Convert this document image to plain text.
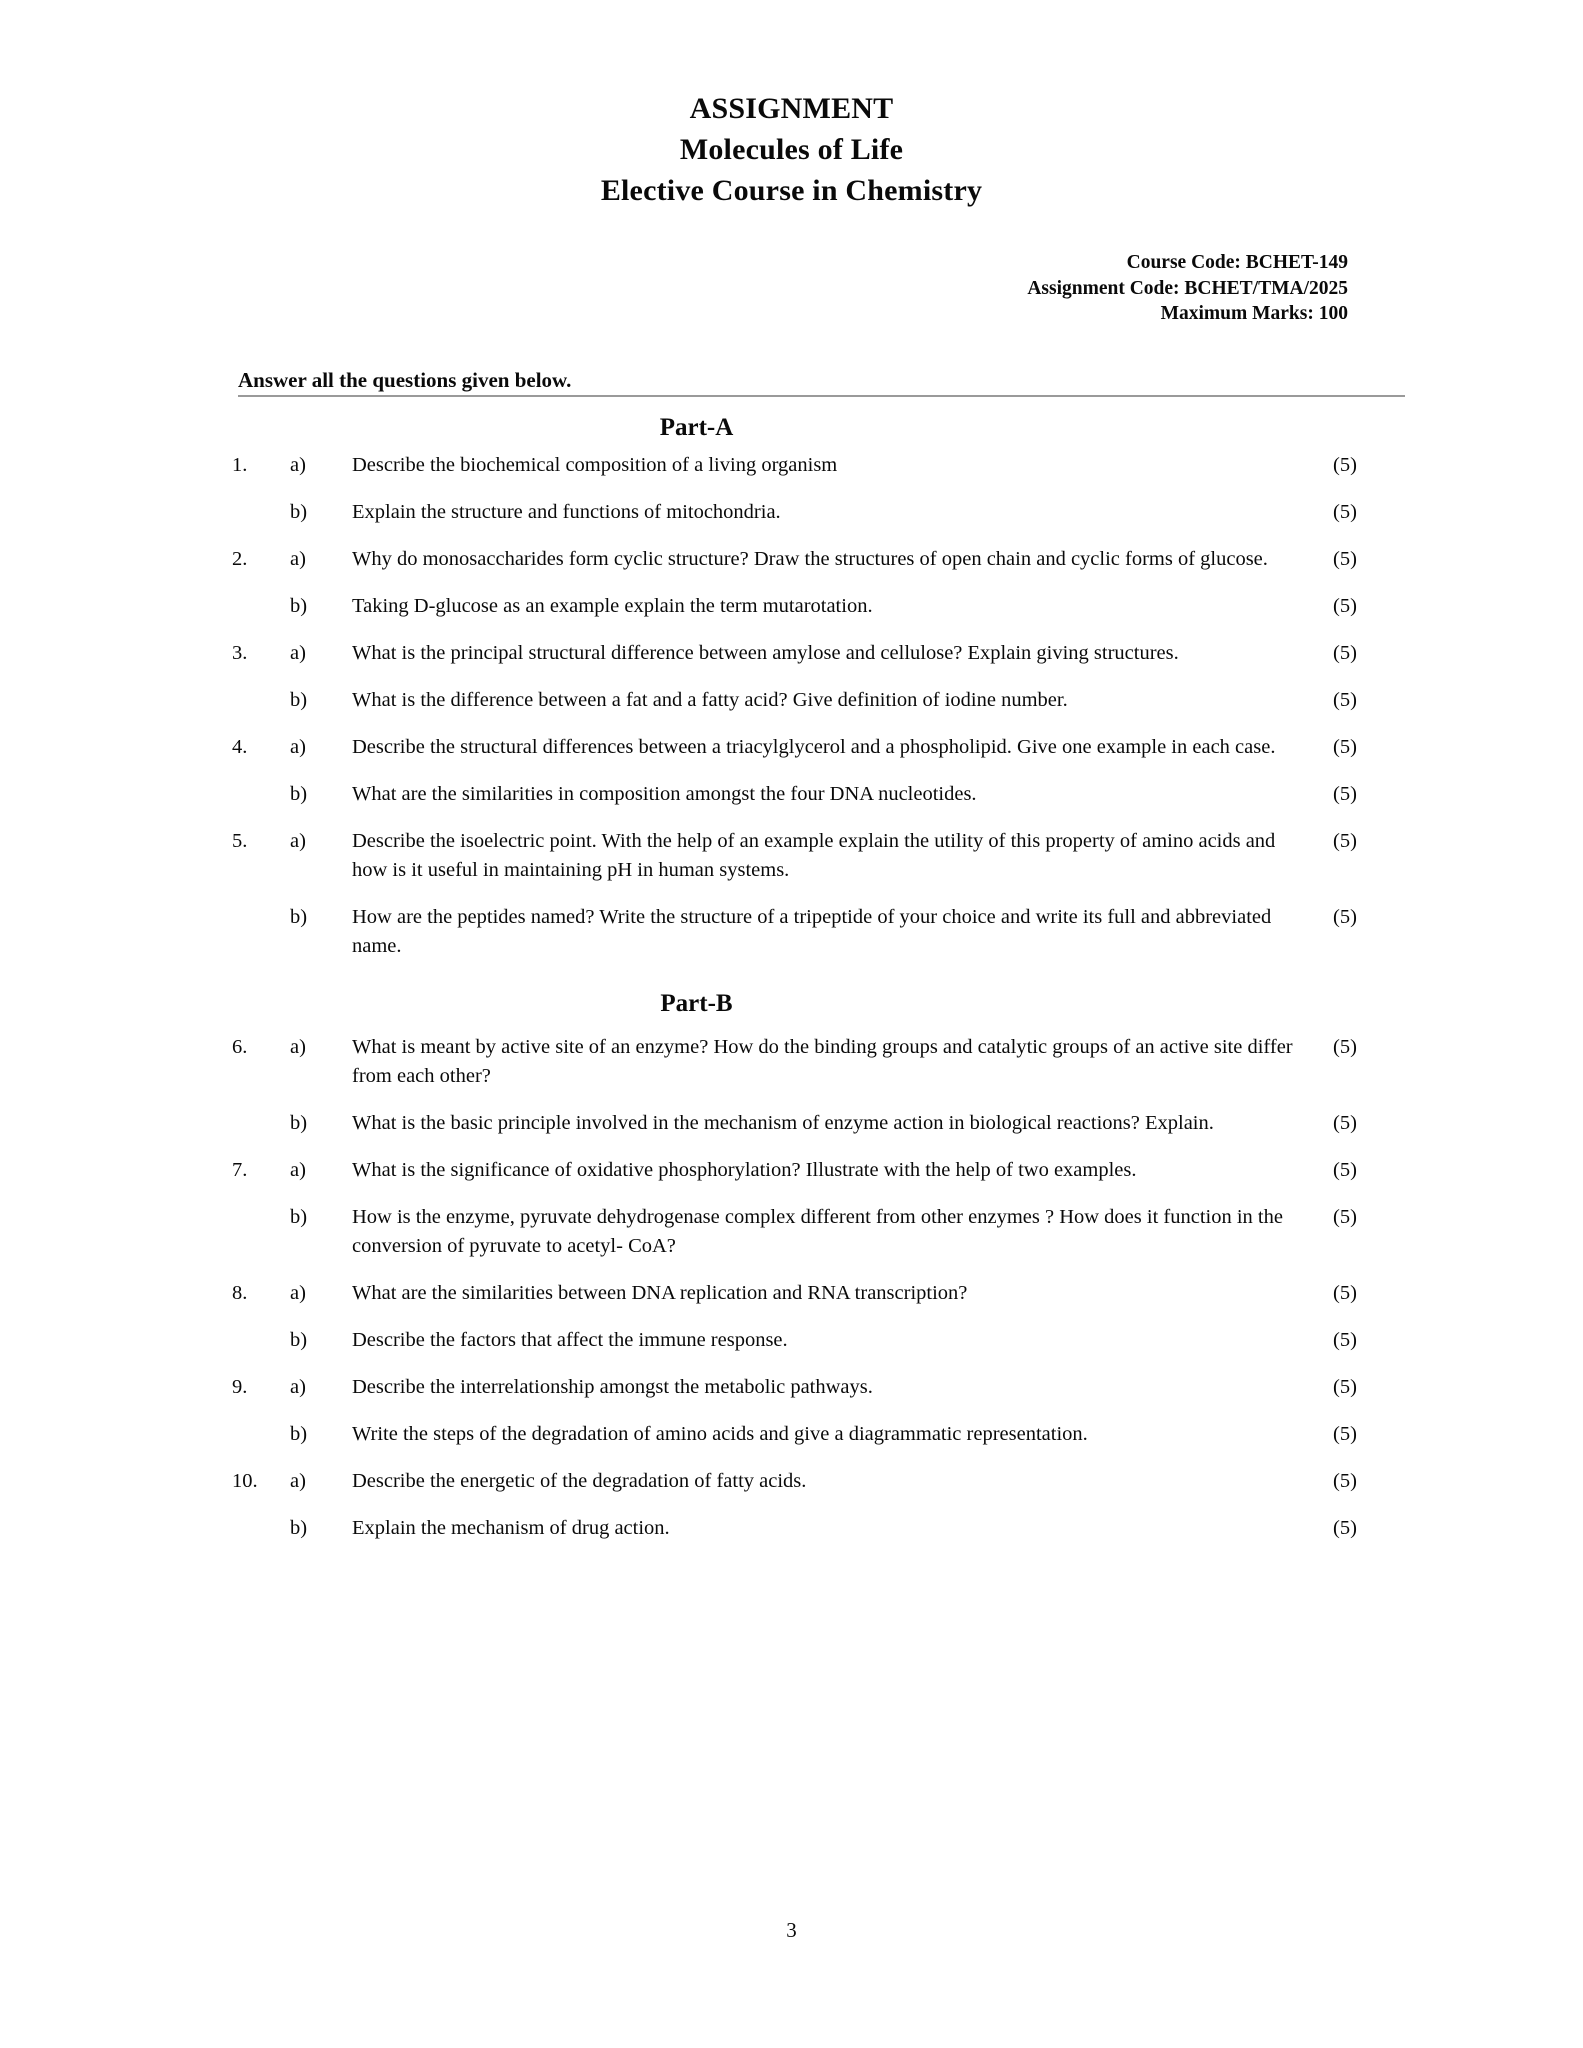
ASSIGNMENT
Molecules of Life
Elective Course in Chemistry
Course Code: BCHET-149
Assignment Code: BCHET/TMA/2025
Maximum Marks: 100
Answer all the questions given below.
Part-A
1.	a)	Describe the biochemical composition of a living organism	(5)
b)	Explain the structure and functions of mitochondria.	(5)
2.	a)	Why do monosaccharides form cyclic structure? Draw the structures of open chain and cyclic forms of glucose.	(5)
b)	Taking D-glucose as an example explain the term mutarotation.	(5)
3.	a)	What is the principal structural difference between amylose and cellulose? Explain giving structures.	(5)
b)	What is the difference between a fat and a fatty acid? Give definition of iodine number.	(5)
4.	a)	Describe the structural differences between a triacylglycerol and a phospholipid. Give one example in each case.	(5)
b)	What are the similarities in composition amongst the four DNA nucleotides.	(5)
5.	a)	Describe the isoelectric point. With the help of an example explain the utility of this property of amino acids and how is it useful in maintaining pH in human systems.
(5)
b)	How are the peptides named? Write the structure of a tripeptide of your choice and write its full and abbreviated name.
(5)
Part-B
6.	a)	What is meant by active site of an enzyme? How do the binding groups and catalytic groups of an active site differ from each other?
(5)
b)	What is the basic principle involved in the mechanism of enzyme action in biological reactions? Explain.	(5)
7.	a)	What is the significance of oxidative phosphorylation? Illustrate with the help of two examples.	(5)
b)	How is the enzyme, pyruvate dehydrogenase complex different from other enzymes ? How does it function in the conversion of pyruvate to acetyl- CoA?
(5)
8.	a)	What are the similarities between DNA replication and RNA transcription?	(5)
b)	Describe the factors that affect the immune response.	(5)
9.	a)	Describe the interrelationship amongst the metabolic pathways.	(5)
b)	Write the steps of the degradation of amino acids and give a diagrammatic representation.	(5)
10.	a)	Describe the energetic of the degradation of fatty acids.	(5)
b)	Explain the mechanism of drug action.	(5)
3
